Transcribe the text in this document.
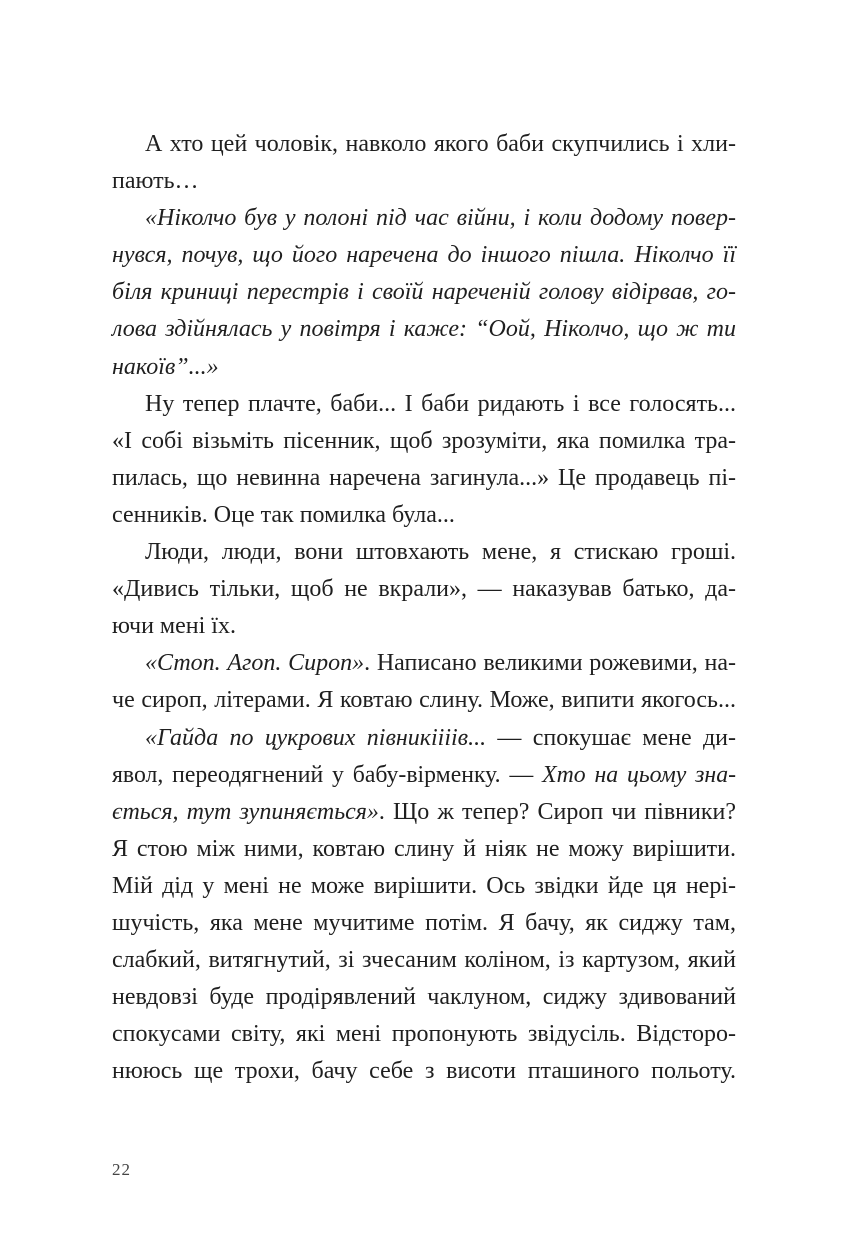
А хто цей чоловік, навколо якого баби скупчились і хли-
пають…
«Ніколчо був у полоні під час війни, і коли додому повер-
нувся, почув, що його наречена до іншого пішла. Ніколчо її
біля криниці перестрів і своїй нареченій голову відірвав, го-
лова здійнялась у повітря і каже: “Оой, Ніколчо, що ж ти
накоїв”...»
Ну тепер плачте, баби... І баби ридають і все голосять...
«І собі візьміть пісенник, щоб зрозуміти, яка помилка тра-
пилась, що невинна наречена загинула...» Це продавець пі-
сенників. Оце так помилка була...
Люди, люди, вони штовхають мене, я стискаю гроші.
«Дивись тільки, щоб не вкрали», — наказував батько, да-
ючи мені їх.
«Стоп. Агоп. Сироп». Написано великими рожевими, на-
че сироп, літерами. Я ковтаю слину. Може, випити якогось...
«Гайда по цукрових півникіііів... — спокушає мене ди-
явол, переодягнений у бабу-вірменку. — Хто на цьому зна-
ється, тут зупиняється». Що ж тепер? Сироп чи півники?
Я стою між ними, ковтаю слину й ніяк не можу вирішити.
Мій дід у мені не може вирішити. Ось звідки йде ця нері-
шучість, яка мене мучитиме потім. Я бачу, як сиджу там,
слабкий, витягнутий, зі зчесаним коліном, із картузом, який
невдовзі буде продірявлений чаклуном, сиджу здивований
спокусами світу, які мені пропонують звідусіль. Відсторо-
нююсь ще трохи, бачу себе з висоти пташиного польоту.
22
